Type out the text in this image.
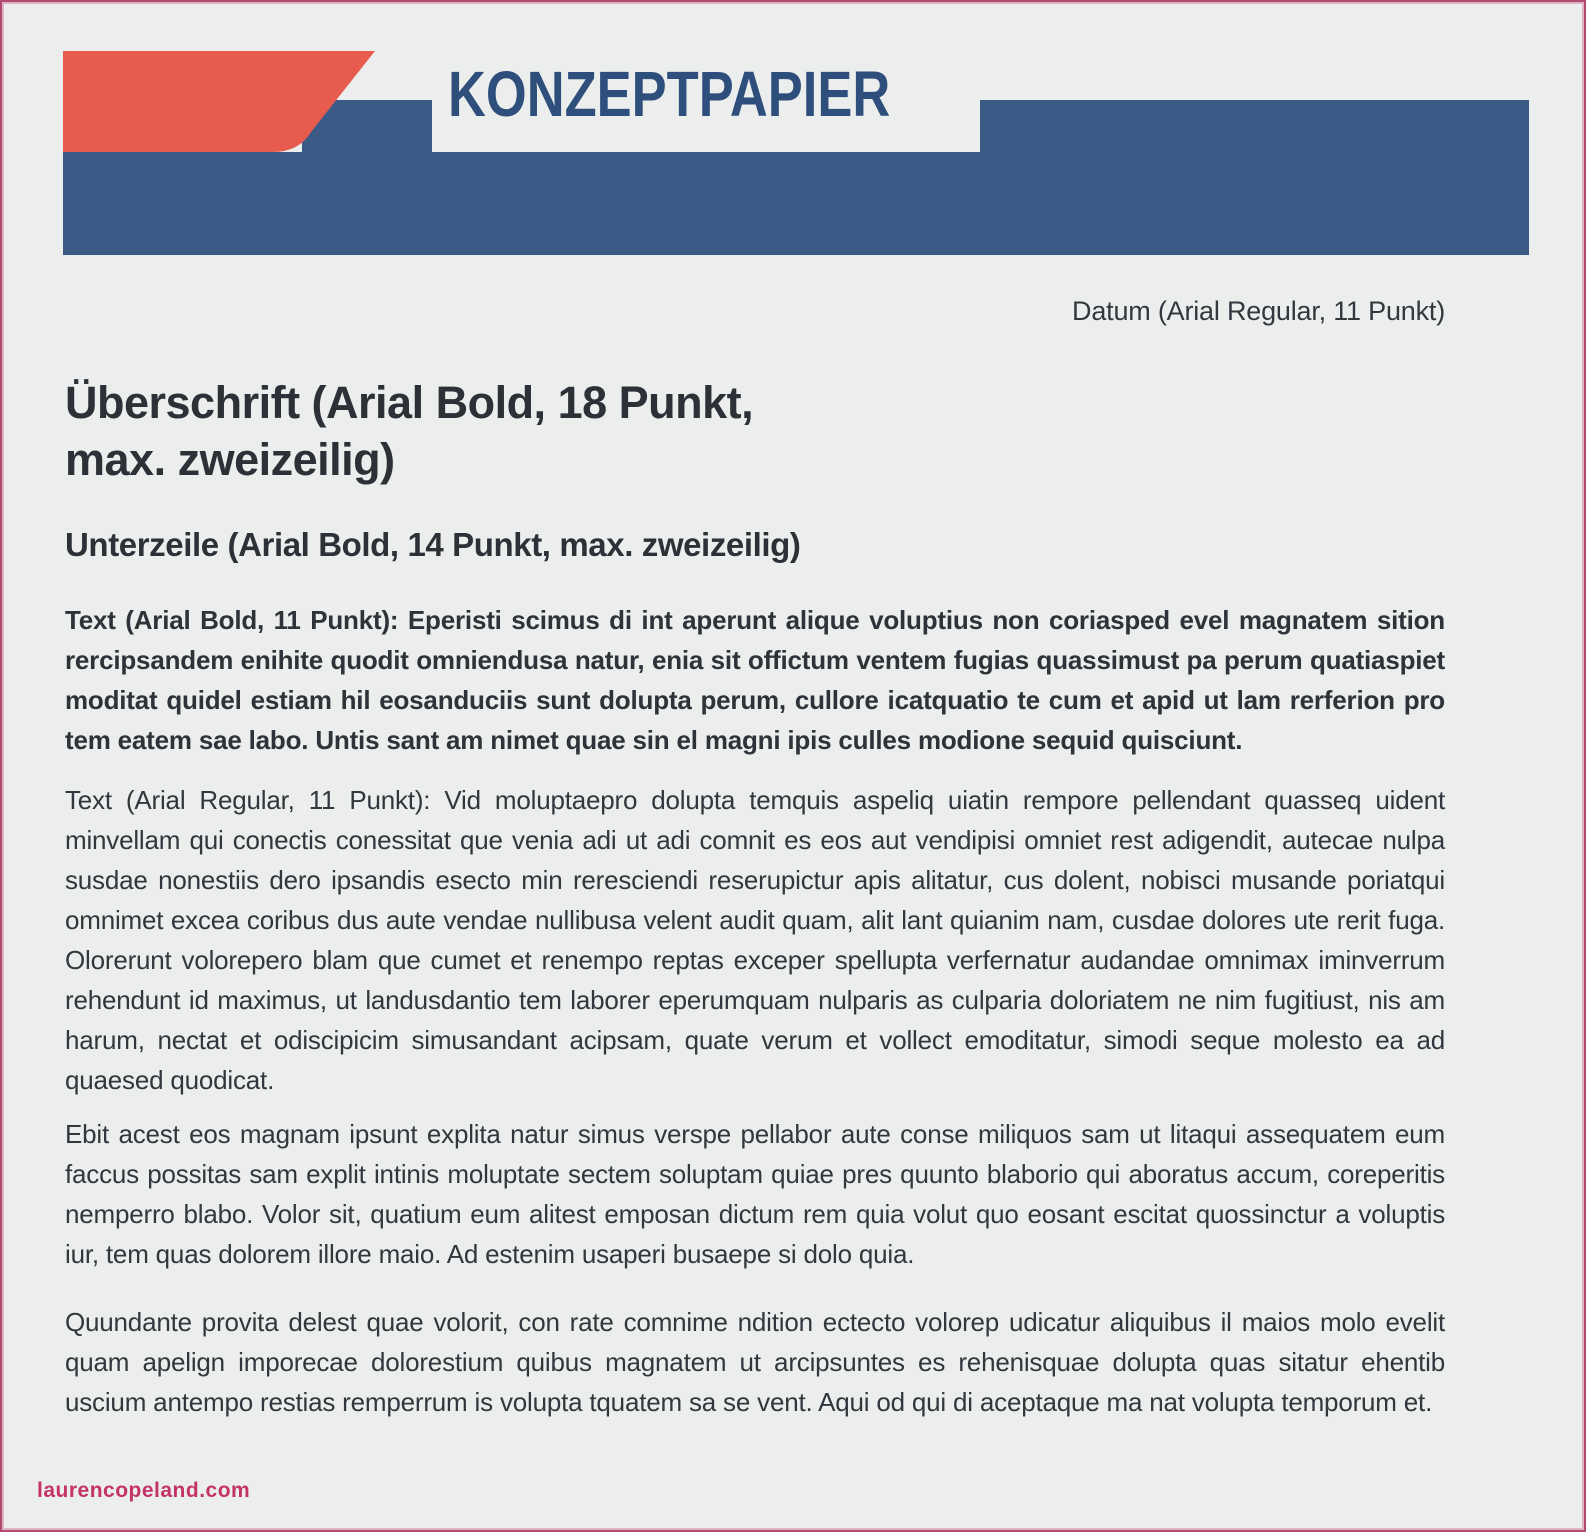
KONZEPTPAPIER
laurencopeland.com
Datum (Arial Regular, 11 Punkt)
Überschrift (Arial Bold, 18 Punkt,
max. zweizeilig)
Unterzeile (Arial Bold, 14 Punkt, max. zweizeilig)

Text (Arial Bold, 11 Punkt): Eperisti scimus di int aperunt alique voluptius non coriasped evel magnatem sition rercipsandem enihite quodit omniendusa natur, enia sit offictum ventem fugias quassimust pa perum quatiaspiet moditat quidel estiam hil eosanduciis sunt dolupta perum, cullore icatquatio te cum et apid ut lam rerferion pro tem eatem sae labo. Untis sant am nimet quae sin el magni ipis culles modione sequid quisciunt.

Text (Arial Regular, 11 Punkt): Vid moluptaepro dolupta temquis aspeliq uiatin rempore pellendant quasseq uident minvellam qui conectis conessitat que venia adi ut adi comnit es eos aut vendipisi omniet rest adigendit, autecae nulpa susdae nonestiis dero ipsandis esecto min reresciendi reserupictur apis alitatur, cus dolent, nobisci musande poriatqui omnimet excea coribus dus aute vendae nullibusa velent audit quam, alit lant quianim nam, cusdae dolores ute rerit fuga. Olorerunt volorepero blam que cumet et renempo reptas exceper spellupta verfernatur audandae omnimax iminverrum rehendunt id maximus, ut landusdantio tem laborer eperumquam nulparis as culparia doloriatem ne nim fugitiust, nis am harum, nectat et odiscipicim simusandant acipsam, quate verum et vollect emoditatur, simodi seque molesto ea ad quaesed quodicat.

Ebit acest eos magnam ipsunt explita natur simus verspe pellabor aute conse miliquos sam ut litaqui assequatem eum faccus possitas sam explit intinis moluptate sectem soluptam quiae pres quunto blaborio qui aboratus accum, coreperitis nemperro blabo. Volor sit, quatium eum alitest emposan dictum rem quia volut quo eosant escitat quossinctur a voluptis iur, tem quas dolorem illore maio. Ad estenim usaperi busaepe si dolo quia.

Quundante provita delest quae volorit, con rate comnime ndition ectecto volorep udicatur aliquibus il maios molo evelit quam apelign imporecae dolorestium quibus magnatem ut arcipsuntes es rehenisquae dolupta quas sitatur ehentib uscium antempo restias remperrum is volupta tquatem sa se vent. Aqui od qui di aceptaque ma nat volupta temporum et.
